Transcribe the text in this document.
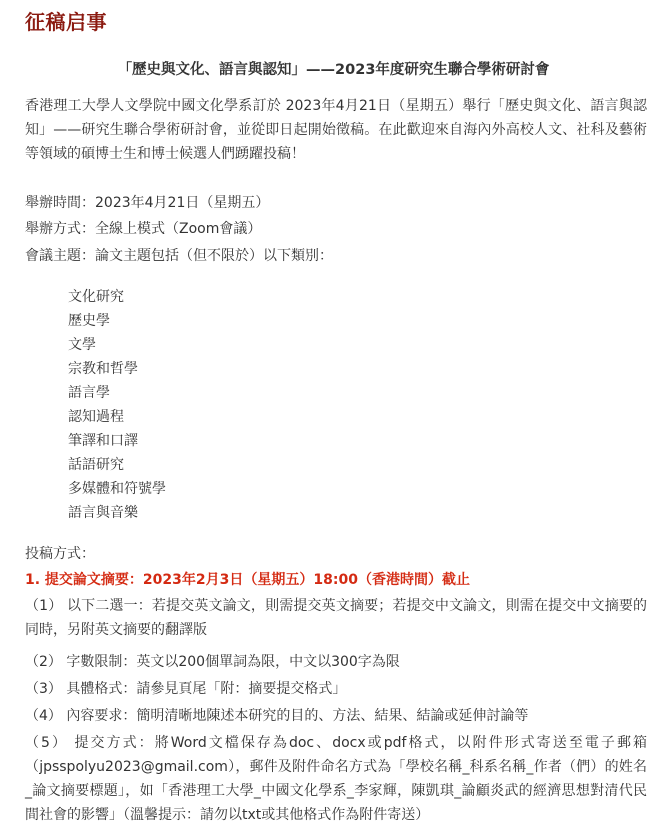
征稿启事
「歷史與文化、語言與認知」——2023年度研究生聯合學術研討會

香港理工大學人文學院中國文化學系訂於 2023年4月21日（星期五）舉行「歷史與文化、語言與認知」——研究生聯合學術研討會，並從即日起開始徵稿。在此歡迎來自海內外高校人文、社科及藝術等領域的碩博士生和博士候選人們踴躍投稿！

舉辦時間：2023年4月21日（星期五）
舉辦方式：全線上模式（Zoom會議）
會議主題：論文主題包括（但不限於）以下類別：
文化研究
歷史學
文學
宗教和哲學
語言學
認知過程
筆譯和口譯
話語研究
多媒體和符號學
語言與音樂
投稿方式：
1. 提交論文摘要：2023年2月3日（星期五）18:00（香港時間）截止

（1） 以下二選一：若提交英文論文，則需提交英文摘要；若提交中文論文，則需在提交中文摘要的同時，另附英文摘要的翻譯版

（2） 字數限制：英文以200個單詞為限，中文以300字為限
（3） 具體格式：請參見頁尾「附：摘要提交格式」
（4） 內容要求：簡明清晰地陳述本研究的目的、方法、結果、結論或延伸討論等

（5） 提交方式：將Word文檔保存為doc、docx或pdf格式，以附件形式寄送至電子郵箱（jpsspolyu2023@gmail.com），郵件及附件命名方式為「學校名稱_科系名稱_作者（們）的姓名_論文摘要標題」，如「香港理工大學_中國文化學系_李家輝，陳凱琪_論顧炎武的經濟思想對清代民間社會的影響」（溫馨提示：請勿以txt或其他格式作為附件寄送）
